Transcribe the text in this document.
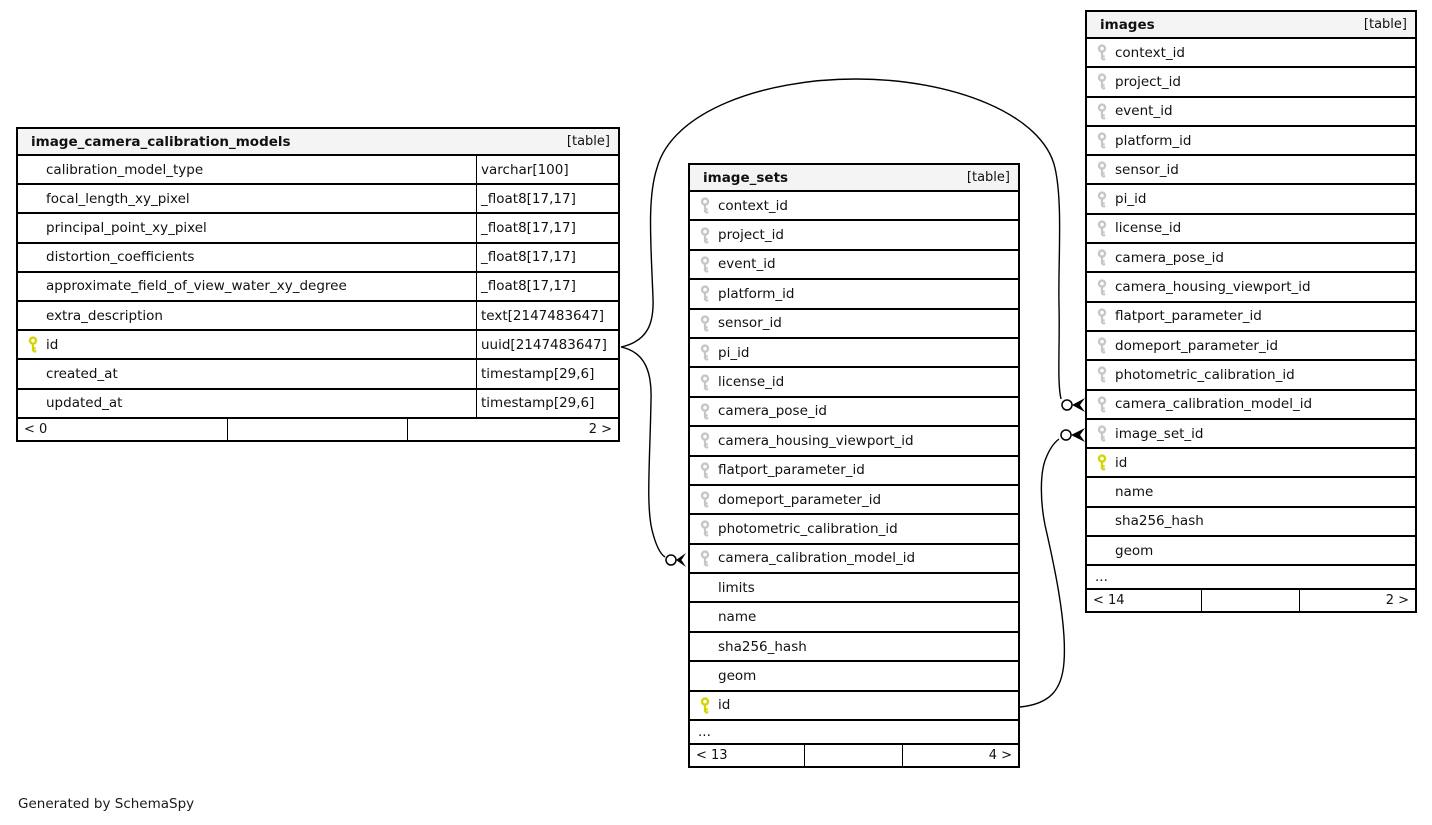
image_camera_calibration_models	[table]
calibration_model_type	varchar[100]
focal_length_xy_pixel	_float8[17,17]
principal_point_xy_pixel	_float8[17,17]
distortion_coefficients	_float8[17,17]
approximate_field_of_view_water_xy_degree	_float8[17,17]
extra_description	text[2147483647]
id	uuid[2147483647]
created_at	timestamp[29,6]
updated_at	timestamp[29,6]
< 0	2 >
image_sets	[table]
context_id
project_id
event_id
platform_id
sensor_id
pi_id
license_id
camera_pose_id
camera_housing_viewport_id
flatport_parameter_id
domeport_parameter_id
photometric_calibration_id
camera_calibration_model_id
limits
name
sha256_hash
geom
id
...
< 13	4 >
images	[table]
context_id
project_id
event_id
platform_id
sensor_id
pi_id
license_id
camera_pose_id
camera_housing_viewport_id
flatport_parameter_id
domeport_parameter_id
photometric_calibration_id
camera_calibration_model_id
image_set_id
id
name
sha256_hash
geom
...
< 14	2 >
Generated by SchemaSpy
